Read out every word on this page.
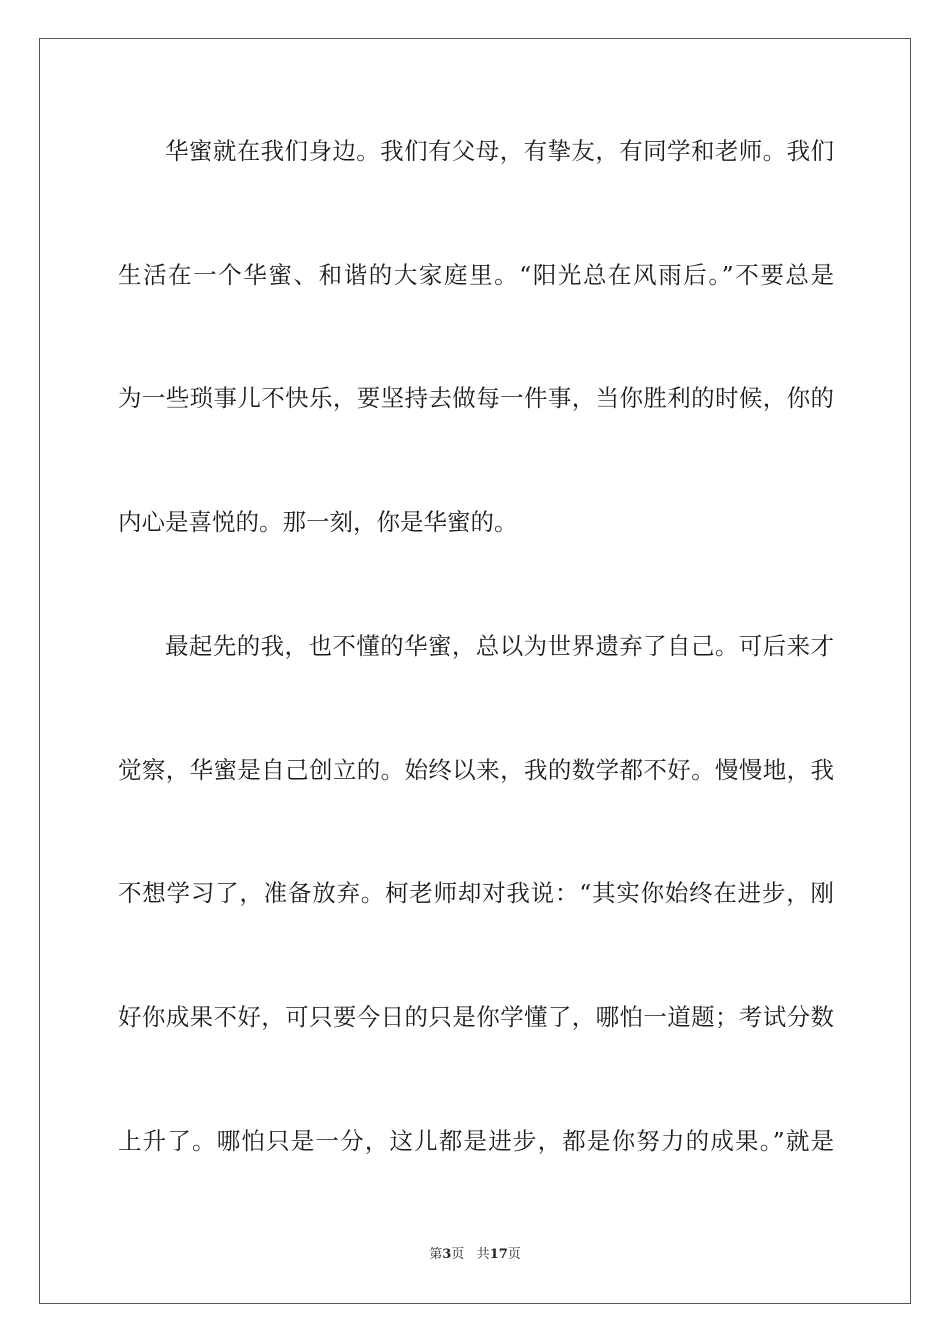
华蜜就在我们身边。我们有父母，有挚友，有同学和老师。我们
生活在一个华蜜、和谐的大家庭里。“阳光总在风雨后。”不要总是
为一些琐事儿不快乐，要坚持去做每一件事，当你胜利的时候，你的
内心是喜悦的。那一刻，你是华蜜的。
最起先的我，也不懂的华蜜，总以为世界遗弃了自己。可后来才
觉察，华蜜是自己创立的。始终以来，我的数学都不好。慢慢地，我
不想学习了，准备放弃。柯老师却对我说：“其实你始终在进步，刚
好你成果不好，可只要今日的只是你学懂了，哪怕一道题；考试分数
上升了。哪怕只是一分，这儿都是进步，都是你努力的成果。”就是
第3页 共17页
